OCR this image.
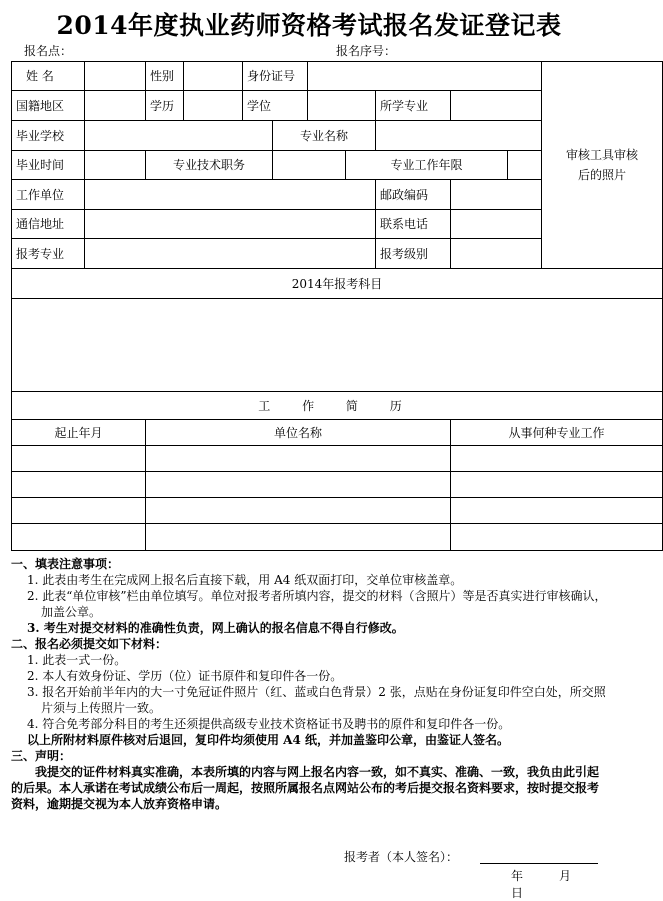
2014年度执业药师资格考试报名发证登记表
报名点：	报名序号：
姓 名		性别		身份证号							审核工具审核后的照片
国籍地区		学历		学位				所学专业			
毕业学校					专业名称						
毕业时间		专业技术职务					专业工作年限				
工作单位								邮政编码			
通信地址								联系电话			
报考专业								报考级别			
2014年报考科目											

工 作 简 历											
起止年月		单位名称							从事何种专业工作		

一、填表注意事项：
1. 此表由考生在完成网上报名后直接下载，用 A4 纸双面打印，交单位审核盖章。
2. 此表“单位审核”栏由单位填写。单位对报考者所填内容，提交的材料（含照片）等是否真实进行审核确认，加盖公章。
3. 考生对提交材料的准确性负责，网上确认的报名信息不得自行修改。
二、报名必须提交如下材料：
1. 此表一式一份。
2. 本人有效身份证、学历（位）证书原件和复印件各一份。
3. 报名开始前半年内的大一寸免冠证件照片（红、蓝或白色背景）2 张，点贴在身份证复印件空白处，所交照片须与上传照片一致。
4. 符合免考部分科目的考生还须提供高级专业技术资格证书及聘书的原件和复印件各一份。
以上所附材料原件核对后退回，复印件均须使用 A4 纸，并加盖鉴印公章，由鉴证人签名。
三、声明：
我提交的证件材料真实准确，本表所填的内容与网上报名内容一致，如不真实、准确、一致，我负由此引起的后果。本人承诺在考试成绩公布后一周起，按照所属报名点网站公布的考后提交报名资料要求，按时提交报考资料，逾期提交视为本人放弃资格申请。
报考者（本人签名）：
年　　　月　　　日
